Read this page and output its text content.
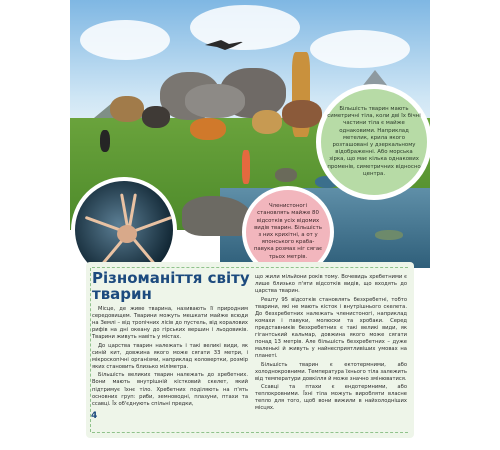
Більшість тварин мають симетричні тіла, коли дві їх бічні частини тіла є майже однаковими. Наприклад метелик, крила якого розташовані у дзеркальному відображенні. Або морська зірка, що має кілька однакових променів, симетричних відносно центра.

Членистоногі становлять майже 80 відсотків усіх відомих видів тварин. Більшість з них крихітні, а от у японського краба-павука розмах ніг сягає трьох метрів.

Різноманіття світу тварин

Місце, де живе тварина, називають її природним середовищем. Тварини можуть мешкати майже всюди на Землі – від тропічних лісів до пустель, від коралових рифів на дні океану до гірських вершин і льодовиків. Тварини живуть навіть у містах.

До царства тварин належать і такі великі види, як синій кит, довжина якого може сягати 33 метри, і мікроскопічні організми, наприклад коловертки, розмір яких становить близько міліметра.

Більшість великих тварин належать до хребетних. Вони мають внутрішній кістковий скелет, який підтримує їхнє тіло. Хребетних поділяють на п'ять основних груп: риби, земноводні, плазуни, птахи та ссавці. Їх об'єднують спільні предки,

що жили мільйони років тому. Вочевидь хребетними є лише близько п'яти відсотків видів, що входять до царства тварин.

Решту 95 відсотків становлять безхребетні, тобто тварини, які не мають кісток і внутрішнього скелета. До безхребетних належать членистоногі, наприклад комахи і павуки, молюски та хробаки. Серед представників безхребетних є такі великі види, як гігантський кальмар, довжина якого може сягати понад 13 метрів. Але більшість безхребетних – дуже маленькі й живуть у найнесприятливіших умовах на планеті.

Більшість тварин є ектотермними, або холоднокровними. Температура їхнього тіла залежить від температури довкілля й може значно змінюватися.

Ссавці та птахи є ендотермними, або теплокровними. Їхні тіла можуть виробляти власне тепло для того, щоб вони вижили в найхолодніших місцях.

4
